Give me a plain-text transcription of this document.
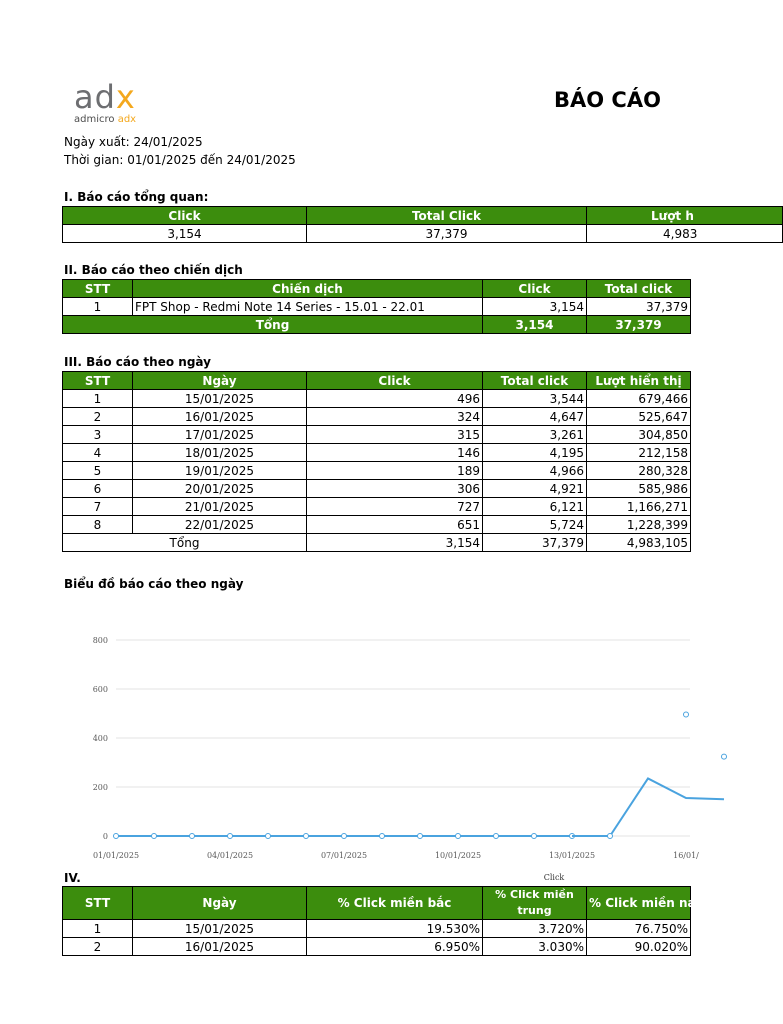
adx
admicro adx
BÁO CÁO
Ngày xuất: 24/01/2025
Thời gian: 01/01/2025 đến 24/01/2025
I. Báo cáo tổng quan:
Click	Total Click	Lượt h
3,154	37,379	4,983
II. Báo cáo theo chiến dịch
STT	Chiến dịch	Click	Total click
1	FPT Shop - Redmi Note 14 Series - 15.01 - 22.01	3,154	37,379
Tổng		3,154	37,379
III. Báo cáo theo ngày
STT	Ngày	Click	Total click	Lượt hiển thị
1	15/01/2025	496	3,544	679,466
2	16/01/2025	324	4,647	525,647
3	17/01/2025	315	3,261	304,850
4	18/01/2025	146	4,195	212,158
5	19/01/2025	189	4,966	280,328
6	20/01/2025	306	4,921	585,986
7	21/01/2025	727	6,121	1,166,271
8	22/01/2025	651	5,724	1,228,399
Tổng		3,154	37,379	4,983,105
Biểu đồ báo cáo theo ngày
0
200
400
600
800
01/01/2025	04/01/2025	07/01/2025	10/01/2025	13/01/2025	16/01/
Click
IV.
STT	Ngày	% Click miền bắc	% Click miền trung	% Click miền nam
1	15/01/2025	19.530%	3.720%	76.750%
2	16/01/2025	6.950%	3.030%	90.020%
